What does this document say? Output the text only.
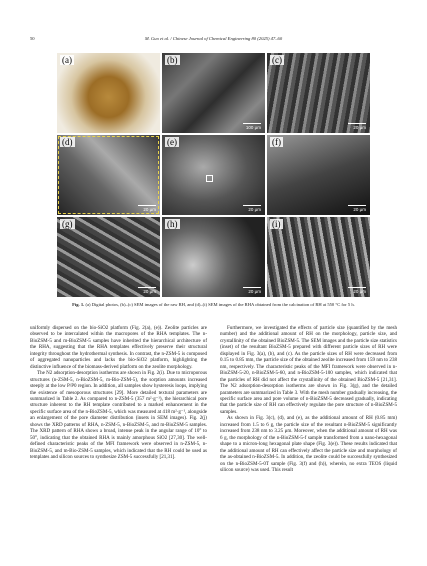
50	M. Guo et al. / Chinese Journal of Chemical Engineering 80 (2025) 47–60
(a)	(b)
100 μm
(c)
20 μm
(d)
20 μm
(e)
20 μm
(f)
20 μm
(g)
20 μm
(h)
20 μm
(i)
20 μm
Fig. 1. (a) Digital photos, (b)–(c) SEM images of the raw RH, and (d)–(i) SEM images of the RHA obtained from the calcination of RH at 550 °C for 5 h.

uniformly dispersed on the bio-SiO2 platform (Fig. 2(a), (e)). Zeolite particles are observed to be intercalated within the macropores of the RHA templates. The n-BioZSM-5 and m-BioZSM-5 samples have inherited the hierarchical architecture of the RHA, suggesting that the RHA templates effectively preserve their structural integrity throughout the hydrothermal synthesis. In contrast, the n-ZSM-5 is composed of aggregated nanoparticles and lacks the bio-SiO2 platform, highlighting the distinctive influence of the biomass-derived platform on the zeolite morphology.

The N2 adsorption-desorption isotherms are shown in Fig. 2(i). Due to microporous structures (n-ZSM-5, n-BioZSM-5, m-Bio-ZSM-5), the sorption amounts increased steeply at the low P/P0 region. In addition, all samples show hysteresis loops, implying the existence of mesoporous structures [29]. More detailed textural parameters are summarized in Table 2. As compared to n-ZSM-5 (357 m²·g⁻¹), the hierarchical pore structure inherent to the RH template contributed to a marked enhancement in the specific surface area of the n-BioZSM-5, which was measured at 418 m²·g⁻¹, alongside an enlargement of the pore diameter distribution (insets in SEM images). Fig. 2(j) shows the XRD patterns of RHA, n-ZSM-5, n-BioZSM-5, and m-BioZSM-5 samples. The XRD pattern of RHA shows a broad, intense peak in the angular range of 10° to 50°, indicating that the obtained RHA is mainly amorphous SiO2 [27,30]. The well-defined characteristic peaks of the MFI framework were observed in n-ZSM-5, n-BioZSM-5, and m-Bio-ZSM-5 samples, which indicated that the RH could be used as templates and silicon sources to synthesize ZSM-5 successfully [21,31].

Furthermore, we investigated the effects of particle size (quantified by the mesh number) and the additional amount of RH on the morphology, particle size, and crystallinity of the obtained BioZSM-5. The SEM images and the particle size statistics (inset) of the resultant BioZSM-5 prepared with different particle sizes of RH were displayed in Fig. 3(a), (b), and (c). As the particle sizes of RH were decreased from 0.15 to 0.85 mm, the particle size of the obtained zeolite increased from 159 nm to 238 nm, respectively. The characteristic peaks of the MFI framework were observed in n-BioZSM-5-20, n-BioZSM-5-60, and n-BioZSM-5-100 samples, which indicated that the particles of RH did not affect the crystallinity of the obtained BioZSM-5 [21,31]. The N2 adsorption-desorption isotherms are shown in Fig. 3(g), and the detailed parameters are summarized in Table 3. With the mesh number gradually increasing, the specific surface area and pore volume of n-BioZSM-5 decreased gradually, indicating that the particle size of RH can effectively regulate the pore structure of n-BioZSM-5 samples.

As shown in Fig. 3(c), (d), and (e), as the additional amount of RH (0.85 mm) increased from 1.5 to 6 g, the particle size of the resultant n-BioZSM-5 significantly increased from 238 nm to 3.25 μm. Moreover, when the additional amount of RH was 6 g, the morphology of the n-BioZSM-5-f sample transformed from a nano-hexagonal shape to a micron-long hexagonal plate shape (Fig. 3(e)). These results indicated that the additional amount of RH can effectively affect the particle size and morphology of the as-obtained n-BioZSM-5. In addition, the zeolite could be successfully synthesized on the n-BioZSM-5-0T sample (Fig. 3(f) and (h)), wherein, no extra TEOS (liquid silicon source) was used. This result
